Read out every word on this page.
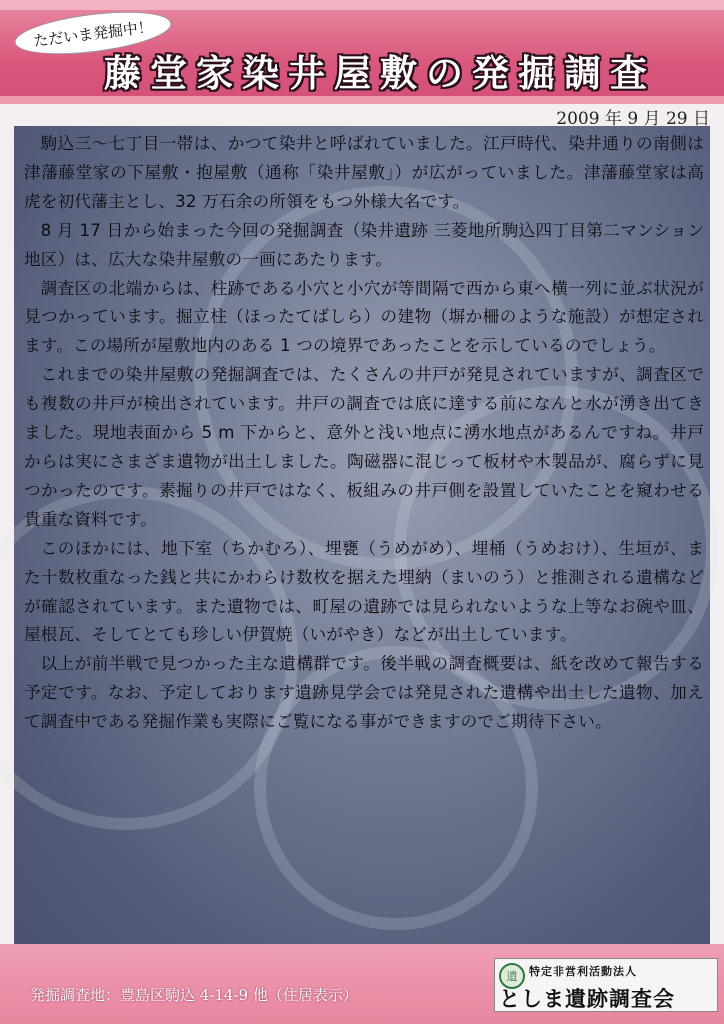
ただいま発掘中！
藤堂家染井屋敷の発掘調査
2009 年 9 月 29 日

駒込三～七丁目一帯は、かつて染井と呼ばれていました。江戸時代、染井通りの南側は津藩藤堂家の下屋敷・抱屋敷（通称「染井屋敷」）が広がっていました。津藩藤堂家は高虎を初代藩主とし、32 万石余の所領をもつ外様大名です。

8 月 17 日から始まった今回の発掘調査（染井遺跡 三菱地所駒込四丁目第二マンション地区）は、広大な染井屋敷の一画にあたります。

調査区の北端からは、柱跡である小穴と小穴が等間隔で西から東へ横一列に並ぶ状況が見つかっています。掘立柱（ほったてばしら）の建物（塀か柵のような施設）が想定されます。この場所が屋敷地内のある 1 つの境界であったことを示しているのでしょう。

これまでの染井屋敷の発掘調査では、たくさんの井戸が発見されていますが、調査区でも複数の井戸が検出されています。井戸の調査では底に達する前になんと水が湧き出てきました。現地表面から 5 m 下からと、意外と浅い地点に湧水地点があるんですね。井戸からは実にさまざま遺物が出土しました。陶磁器に混じって板材や木製品が、腐らずに見つかったのです。素掘りの井戸ではなく、板組みの井戸側を設置していたことを窺わせる貴重な資料です。

このほかには、地下室（ちかむろ）、埋甕（うめがめ）、埋桶（うめおけ）、生垣が、また十数枚重なった銭と共にかわらけ数枚を据えた埋納（まいのう）と推測される遺構などが確認されています。また遺物では、町屋の遺跡では見られないような上等なお碗や皿、屋根瓦、そしてとても珍しい伊賀焼（いがやき）などが出土しています。

以上が前半戦で見つかった主な遺構群です。後半戦の調査概要は、紙を改めて報告する予定です。なお、予定しております遺跡見学会では発見された遺構や出土した遺物、加えて調査中である発掘作業も実際にご覧になる事ができますのでご期待下さい。

発掘調査地：豊島区駒込 4-14-9 他（住居表示）
遺	特定非営利活動法人
としま遺跡調査会
